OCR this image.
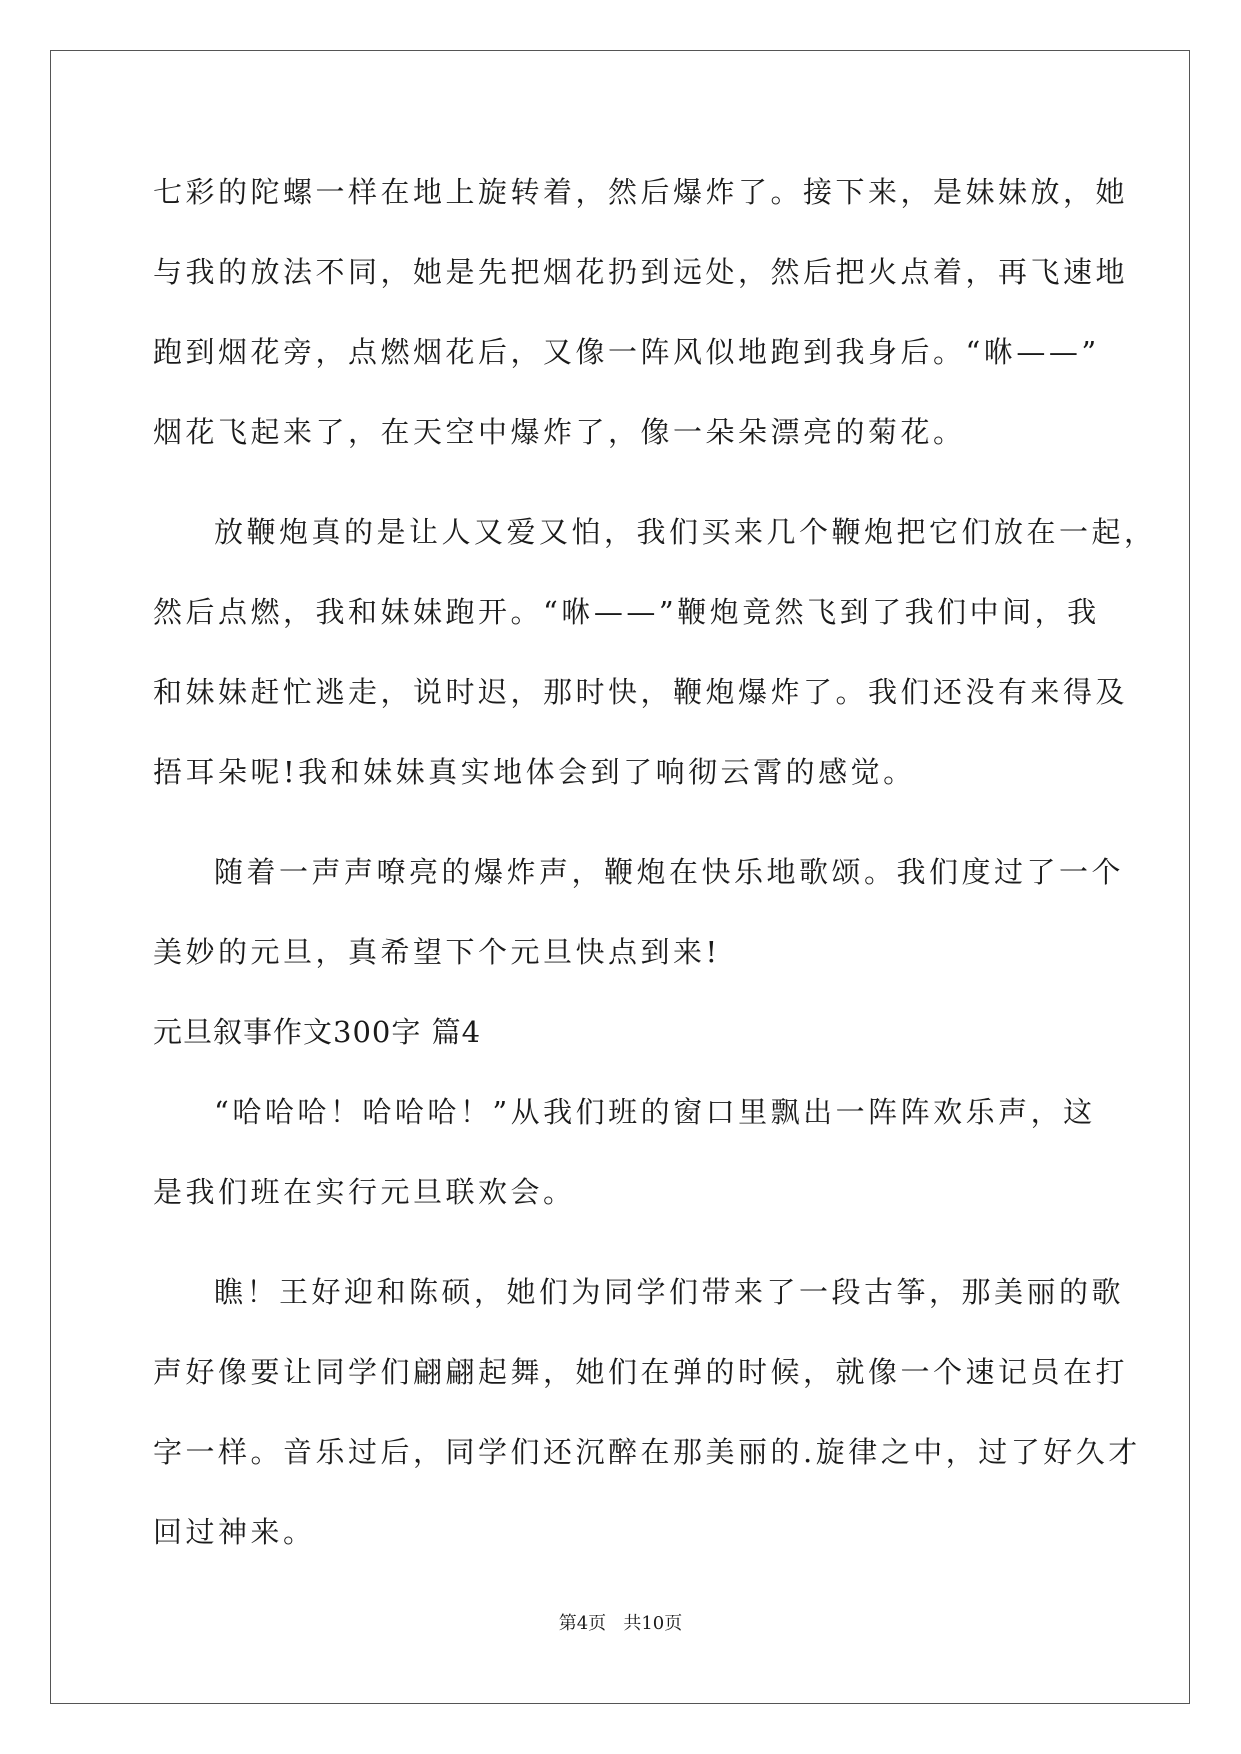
七彩的陀螺一样在地上旋转着，然后爆炸了。接下来，是妹妹放，她
与我的放法不同，她是先把烟花扔到远处，然后把火点着，再飞速地
跑到烟花旁，点燃烟花后，又像一阵风似地跑到我身后。“咻——”
烟花飞起来了，在天空中爆炸了，像一朵朵漂亮的菊花。
放鞭炮真的是让人又爱又怕，我们买来几个鞭炮把它们放在一起，
然后点燃，我和妹妹跑开。“咻——”鞭炮竟然飞到了我们中间，我
和妹妹赶忙逃走，说时迟，那时快，鞭炮爆炸了。我们还没有来得及
捂耳朵呢!我和妹妹真实地体会到了响彻云霄的感觉。
随着一声声嘹亮的爆炸声，鞭炮在快乐地歌颂。我们度过了一个
美妙的元旦，真希望下个元旦快点到来!
元旦叙事作文300字 篇4
“哈哈哈！哈哈哈！”从我们班的窗口里飘出一阵阵欢乐声，这
是我们班在实行元旦联欢会。
瞧！王好迎和陈硕，她们为同学们带来了一段古筝，那美丽的歌
声好像要让同学们翩翩起舞，她们在弹的时候，就像一个速记员在打
字一样。音乐过后，同学们还沉醉在那美丽的.旋律之中，过了好久才
回过神来。
第4页   共10页
